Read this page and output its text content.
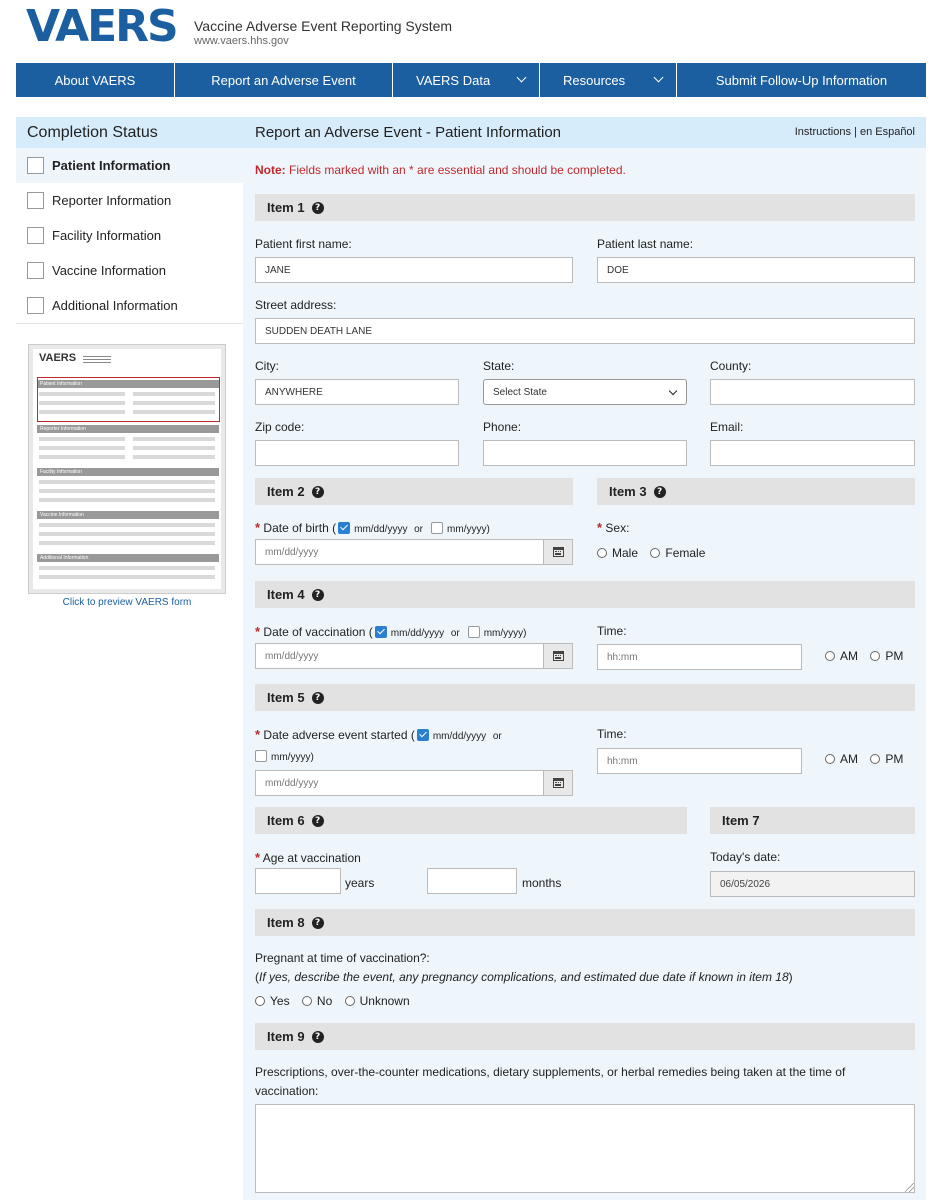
VAERS Vaccine Adverse Event Reporting System
www.vaers.hhs.gov
About VAERS	Report an Adverse Event	VAERS Data	Resources	Submit Follow-Up Information
Completion Status
Patient Information
Reporter Information
Facility Information
Vaccine Information
Additional Information
VAERS
Patient Information
Reporter Information
Facility Information
Vaccine Information
Additional Information
Click to preview VAERS form
Report an Adverse Event - Patient Information	Instructions | en Español
Note: Fields marked with an * are essential and should be completed.
Item 1	?
Patient first name:
JANE
Patient last name:
DOE
Street address:
SUDDEN DEATH LANE
City:
ANYWHERE
State:
Select State
County:
Zip code:	Phone:	Email:
Item 2	?	Item 3	?
* Date of birth ( mm/dd/yyyy or mm/yyyy)
mm/dd/yyyy
* Sex:
Male Female
Item 4	?
* Date of vaccination ( mm/dd/yyyy or mm/yyyy)
mm/dd/yyyy
Time:
hh:mm	AM PM
Item 5	?
* Date adverse event started ( mm/dd/yyyy or
mm/yyyy)
mm/dd/yyyy
Time:
hh:mm	AM PM
Item 6	?	Item 7
* Age at vaccination
years	months
Today's date:
06/05/2026
Item 8	?
Pregnant at time of vaccination?:
(If yes, describe the event, any pregnancy complications, and estimated due date if known in item 18)
Yes No Unknown
Item 9	?
Prescriptions, over-the-counter medications, dietary supplements, or herbal remedies being taken at the time of
vaccination:
